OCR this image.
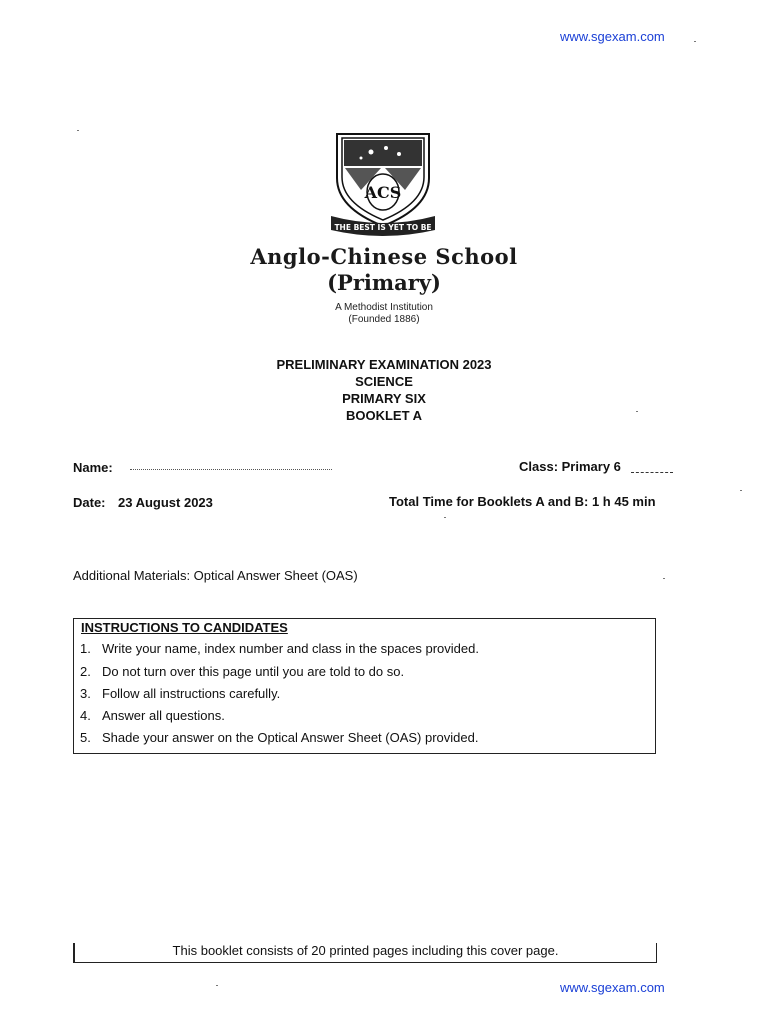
www.sgexam.com
ACS
THE BEST IS YET TO BE
Anglo-Chinese School
(Primary)
A Methodist Institution
(Founded 1886)
PRELIMINARY EXAMINATION 2023
SCIENCE
PRIMARY SIX
BOOKLET A
Name:	Class: Primary 6
Date: 23 August 2023	Total Time for Booklets A and B: 1 h 45 min
Additional Materials: Optical Answer Sheet (OAS)
INSTRUCTIONS TO CANDIDATES
1. Write your name, index number and class in the spaces provided.
2. Do not turn over this page until you are told to do so.
3. Follow all instructions carefully.
4. Answer all questions.
5. Shade your answer on the Optical Answer Sheet (OAS) provided.
This booklet consists of 20 printed pages including this cover page.
www.sgexam.com
